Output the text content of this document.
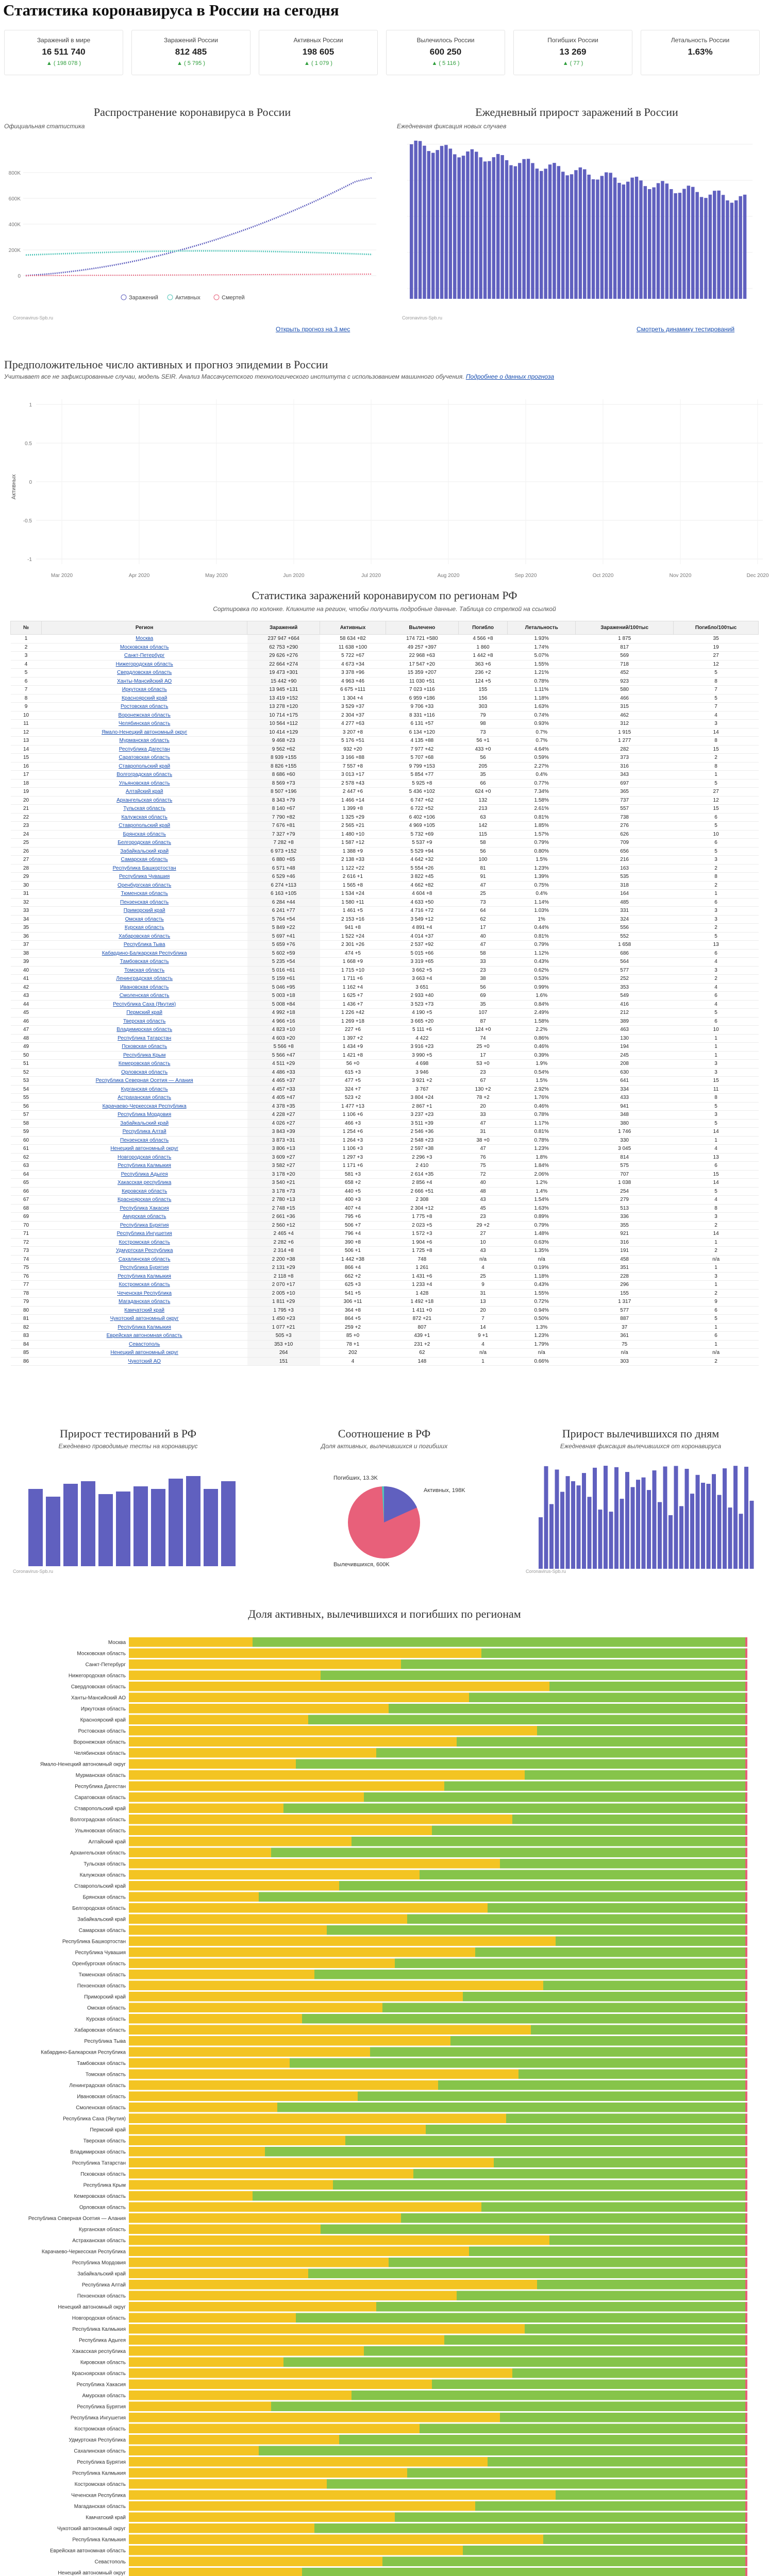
Статистика коронавируса в России на сегодня
Заражений в мире
16 511 740
▲ ( 198 078 )
Заражений России
812 485
▲ ( 5 795 )
Активных России
198 605
▲ ( 1 079 )
Вылечилось России
600 250
▲ ( 5 116 )
Погибших России
13 269
▲ ( 77 )
Летальность России
1.63%
Распространение коронавируса в России
Официальная статистика
800K
600K
400K
200K
0
Заражений	Активных	Смертей
Coronavirus-Spb.ru
Открыть прогноз на 3 мес
Ежедневный прирост заражений в России
Ежедневная фиксация новых случаев
Coronavirus-Spb.ru
Смотреть динамику тестирований
Предположительное число активных и прогноз эпидемии в России
Учитывает все не зафиксированные случаи, модель SEIR. Анализ Массачусетского технологического института с использованием машинного обучения. Подробнее о данных прогноза
1
0.5
0
-0.5
-1
Mar 2020	Apr 2020	May 2020	Jun 2020	Jul 2020	Aug 2020	Sep 2020	Oct 2020	Nov 2020	Dec 2020
Активных
Статистика заражений коронавирусом по регионам РФ
Сортировка по колонке. Кликните на регион, чтобы получить подробные данные. Таблица со стрелкой на ссылкой
№	Регион	Заражений	Активных	Вылечено	Погибло	Летальность	Заражений/100тыс	Погибло/100тыс
1	Москва	237 947 +664	58 634 +82	174 721 +580	4 566 +8	1.93%	1 875	35
2	Московская область	62 753 +290	11 638 +100	49 257 +397	1 860	1.74%	817	19
3	Санкт-Петербург	29 626 +276	5 722 +67	22 968 +63	1 442 +8	5.07%	569	27
4	Нижегородская область	22 664 +274	4 673 +34	17 547 +20	363 +6	1.55%	718	12
5	Свердловская область	19 473 +301	3 378 +96	15 359 +207	236 +2	1.21%	452	5
6	Ханты-Мансийский АО	15 442 +90	4 963 +46	11 030 +51	124 +5	0.78%	923	8
7	Иркутская область	13 945 +131	6 675 +111	7 023 +116	155	1.11%	580	7
8	Красноярский край	13 419 +152	1 304 +4	6 959 +186	156	1.18%	466	5
9	Ростовская область	13 278 +120	3 529 +37	9 706 +33	303	1.63%	315	7
10	Воронежская область	10 714 +175	2 304 +37	8 331 +116	79	0.74%	462	4
11	Челябинская область	10 564 +112	4 277 +63	6 131 +57	98	0.93%	312	3
12	Ямало-Ненецкий автономный округ	10 414 +129	3 207 +8	6 134 +120	73	0.7%	1 915	14
13	Мурманская область	9 468 +23	5 176 +51	4 135 +88	56 +1	0.7%	1 277	8
14	Республика Дагестан	9 562 +62	932 +20	7 977 +42	433 +0	4.64%	282	15
15	Саратовская область	8 939 +155	3 166 +88	5 707 +68	56	0.59%	373	2
16	Ставропольский край	8 826 +155	7 557 +8	9 799 +153	205	2.27%	316	8
17	Волгоградская область	8 686 +60	3 013 +17	5 854 +77	35	0.4%	343	1
18	Ульяновская область	8 569 +73	2 578 +43	5 925 +8	66	0.77%	697	5
19	Алтайский край	8 507 +196	2 447 +6	5 436 +102	624 +0	7.34%	365	27
20	Архангельская область	8 343 +79	1 466 +14	6 747 +62	132	1.58%	737	12
21	Тульская область	8 140 +67	1 399 +8	6 722 +52	213	2.61%	557	15
22	Калужская область	7 790 +82	1 325 +29	6 402 +106	63	0.81%	738	6
23	Ставропольский край	7 676 +81	2 565 +21	4 969 +105	142	1.85%	276	5
24	Брянская область	7 327 +79	1 480 +10	5 732 +69	115	1.57%	626	10
25	Белгородская область	7 282 +8	1 587 +12	5 537 +9	58	0.79%	709	6
26	Забайкальский край	6 973 +152	1 388 +9	5 529 +94	56	0.80%	656	5
27	Самарская область	6 880 +65	2 138 +33	4 642 +32	100	1.5%	216	3
28	Республика Башкортостан	6 571 +48	1 122 +22	5 554 +26	81	1.23%	163	2
29	Республика Чувашия	6 529 +46	2 616 +1	3 822 +45	91	1.39%	535	8
30	Оренбургская область	6 274 +113	1 565 +8	4 662 +82	47	0.75%	318	2
31	Тюменская область	6 163 +105	1 534 +24	4 604 +8	25	0.4%	164	1
32	Пензенская область	6 284 +44	1 580 +11	4 633 +50	73	1.14%	485	6
33	Приморский край	6 241 +77	1 461 +5	4 716 +72	64	1.03%	331	3
34	Омская область	5 764 +54	2 153 +16	3 549 +12	62	1%	324	3
35	Курская область	5 849 +22	941 +8	4 891 +4	17	0.44%	556	2
36	Хабаровская область	5 697 +41	1 522 +24	4 014 +37	40	0.81%	552	5
37	Республика Тыва	5 659 +76	2 301 +26	2 537 +92	47	0.79%	1 658	13
38	Кабардино-Балкарская Республика	5 602 +59	474 +5	5 015 +66	58	1.12%	686	6
39	Тамбовская область	5 235 +54	1 668 +9	3 319 +65	33	0.43%	564	4
40	Томская область	5 016 +61	1 715 +10	3 662 +5	23	0.62%	577	3
41	Ленинградская область	5 159 +61	1 711 +6	3 663 +4	38	0.53%	252	2
42	Ивановская область	5 046 +95	1 162 +4	3 651	56	0.99%	353	4
43	Смоленская область	5 003 +18	1 625 +7	2 933 +40	69	1.6%	549	6
44	Республика Саха (Якутия)	5 008 +84	1 436 +7	3 523 +73	35	0.84%	416	4
45	Пермский край	4 992 +18	1 226 +42	4 190 +5	107	2.49%	212	5
46	Тверская область	4 966 +16	1 269 +18	3 665 +20	87	1.58%	389	6
47	Владимирская область	4 823 +10	227 +6	5 111 +6	124 +0	2.2%	463	10
48	Республика Татарстан	4 603 +20	1 397 +2	4 422	74	0.86%	130	1
49	Псковская область	5 566 +8	1 434 +9	3 916 +23	25 +0	0.46%	194	1
50	Республика Крым	5 566 +47	1 421 +8	3 990 +5	17	0.39%	245	1
51	Кемеровская область	4 511 +29	56 +0	4 698	53 +0	1.9%	208	3
52	Орловская область	4 486 +33	615 +3	3 946	23	0.54%	630	3
53	Республика Северная Осетия — Алания	4 465 +37	477 +5	3 921 +2	67	1.5%	641	15
54	Курганская область	4 457 +33	324 +7	3 767	130 +2	2.92%	334	11
55	Астраханская область	4 405 +47	523 +2	3 804 +24	78 +2	1.76%	433	8
56	Карачаево-Черкесская Республика	4 378 +35	1 477 +13	2 867 +1	20	0.46%	941	5
57	Республика Мордовия	4 228 +27	1 106 +6	3 237 +23	33	0.78%	348	3
58	Забайкальский край	4 026 +27	466 +3	3 511 +39	47	1.17%	380	5
59	Республика Алтай	3 843 +39	1 254 +6	2 546 +36	31	0.81%	1 746	14
60	Пензенская область	3 873 +31	1 264 +3	2 548 +23	38 +0	0.78%	330	1
61	Ненецкий автономный округ	3 806 +13	1 106 +3	2 597 +38	47	1.23%	3 045	4
62	Новгородская область	3 609 +27	1 297 +3	2 296 +3	76	1.8%	814	13
63	Республика Калмыкия	3 582 +27	1 171 +6	2 410	75	1.84%	575	6
64	Республика Адыгея	3 178 +20	581 +3	2 614 +35	72	2.06%	707	15
65	Хакасская республика	3 540 +21	658 +2	2 856 +4	40	1.2%	1 038	14
66	Кировская область	3 178 +73	440 +5	2 666 +51	48	1.4%	254	5
67	Красноярская область	2 780 +13	400 +3	2 308	43	1.54%	279	4
68	Республика Хакасия	2 748 +15	407 +4	2 304 +12	45	1.63%	513	8
69	Амурская область	2 661 +36	795 +6	1 775 +8	23	0.89%	336	3
70	Республика Бурятия	2 560 +12	506 +7	2 023 +5	29 +2	0.79%	355	2
71	Республика Ингушетия	2 465 +4	796 +4	1 572 +3	27	1.48%	921	14
72	Костромская область	2 282 +6	390 +8	1 904 +6	10	0.63%	316	1
73	Удмуртская Республика	2 314 +8	506 +1	1 725 +8	43	1.35%	191	2
74	Сахалинская область	2 200 +38	1 442 +38	748	n/a	n/a	458	n/a
75	Республика Бурятия	2 131 +29	866 +4	1 261	4	0.19%	351	1
76	Республика Калмыкия	2 118 +8	662 +2	1 431 +6	25	1.18%	228	3
77	Костромская область	2 070 +17	625 +3	1 233 +4	9	0.43%	296	1
78	Чеченская Республика	2 005 +10	541 +5	1 428	31	1.55%	155	2
79	Магаданская область	1 811 +29	306 +11	1 492 +18	13	0.72%	1 317	9
80	Камчатский край	1 795 +3	364 +8	1 411 +0	20	0.94%	577	6
81	Чукотский автономный округ	1 450 +23	864 +5	872 +21	7	0.50%	887	5
82	Республика Калмыкия	1 077 +21	259 +2	807	14	1.3%	37	1
83	Еврейская автономная область	505 +3	85 +0	439 +1	9 +1	1.23%	361	6
84	Севастополь	353 +10	78 +1	231 +2	4	1.79%	75	1
85	Ненецкий автономный округ	264	202	62	n/a	n/a	n/a	n/a
86	Чукотский АО	151	4	148	1	0.66%	303	2
Прирост тестирований в РФ
Ежедневно проводимые тесты на коронавирус
Coronavirus-Spb.ru
Соотношение в РФ
Доля активных, вылечившихся и погибших
Погибших, 13.3K
Активных, 198K
Вылечившихся, 600K
Прирост вылечившихся по дням
Ежедневная фиксация вылечившихся от коронавируса
Coronavirus-Spb.ru
Доля активных, вылечившихся и погибших по регионам
Москва
Московская область
Санкт-Петербург
Нижегородская область
Свердловская область
Ханты-Мансийский АО
Иркутская область
Красноярский край
Ростовская область
Воронежская область
Челябинская область
Ямало-Ненецкий автономный округ
Мурманская область
Республика Дагестан
Саратовская область
Ставропольский край
Волгоградская область
Ульяновская область
Алтайский край
Архангельская область
Тульская область
Калужская область
Ставропольский край
Брянская область
Белгородская область
Забайкальский край
Самарская область
Республика Башкортостан
Республика Чувашия
Оренбургская область
Тюменская область
Пензенская область
Приморский край
Омская область
Курская область
Хабаровская область
Республика Тыва
Кабардино-Балкарская Республика
Тамбовская область
Томская область
Ленинградская область
Ивановская область
Смоленская область
Республика Саха (Якутия)
Пермский край
Тверская область
Владимирская область
Республика Татарстан
Псковская область
Республика Крым
Кемеровская область
Орловская область
Республика Северная Осетия — Алания
Курганская область
Астраханская область
Карачаево-Черкесская Республика
Республика Мордовия
Забайкальский край
Республика Алтай
Пензенская область
Ненецкий автономный округ
Новгородская область
Республика Калмыкия
Республика Адыгея
Хакасская республика
Кировская область
Красноярская область
Республика Хакасия
Амурская область
Республика Бурятия
Республика Ингушетия
Костромская область
Удмуртская Республика
Сахалинская область
Республика Бурятия
Республика Калмыкия
Костромская область
Чеченская Республика
Магаданская область
Камчатский край
Чукотский автономный округ
Республика Калмыкия
Еврейская автономная область
Севастополь
Ненецкий автономный округ
